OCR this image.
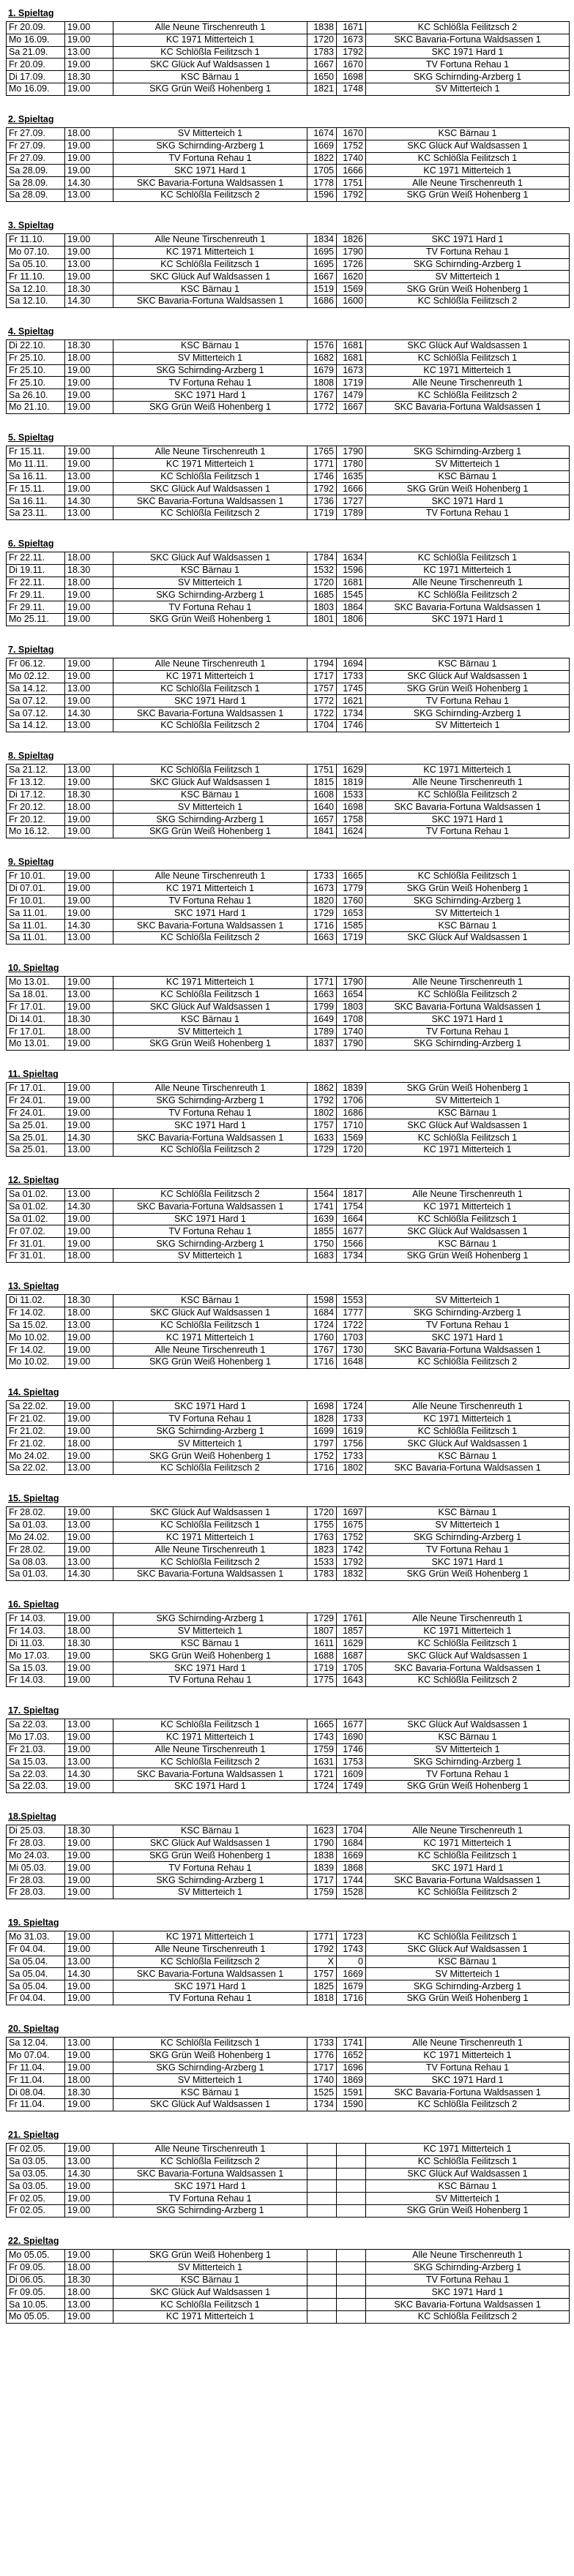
1. Spieltag
Fr 20.09.	19.00	Alle Neune Tirschenreuth 1	1838	1671	KC Schlößla Feilitzsch 2
Mo 16.09.	19.00	KC 1971 Mitterteich 1	1720	1673	SKC Bavaria-Fortuna Waldsassen 1
Sa 21.09.	13.00	KC Schlößla Feilitzsch 1	1783	1792	SKC 1971 Hard 1
Fr 20.09.	19.00	SKC Glück Auf Waldsassen 1	1667	1670	TV Fortuna Rehau 1
Di 17.09.	18.30	KSC Bärnau 1	1650	1698	SKG Schirnding-Arzberg 1
Mo 16.09.	19.00	SKG Grün Weiß Hohenberg 1	1821	1748	SV Mitterteich 1
2. Spieltag
Fr 27.09.	18.00	SV Mitterteich 1	1674	1670	KSC Bärnau 1
Fr 27.09.	19.00	SKG Schirnding-Arzberg 1	1669	1752	SKC Glück Auf Waldsassen 1
Fr 27.09.	19.00	TV Fortuna Rehau 1	1822	1740	KC Schlößla Feilitzsch 1
Sa 28.09.	19.00	SKC 1971 Hard 1	1705	1666	KC 1971 Mitterteich 1
Sa 28.09.	14.30	SKC Bavaria-Fortuna Waldsassen 1	1778	1751	Alle Neune Tirschenreuth 1
Sa 28.09.	13.00	KC Schlößla Feilitzsch 2	1596	1792	SKG Grün Weiß Hohenberg 1
3. Spieltag
Fr 11.10.	19.00	Alle Neune Tirschenreuth 1	1834	1826	SKC 1971 Hard 1
Mo 07.10.	19.00	KC 1971 Mitterteich 1	1695	1790	TV Fortuna Rehau 1
Sa 05.10.	13.00	KC Schlößla Feilitzsch 1	1695	1726	SKG Schirnding-Arzberg 1
Fr 11.10.	19.00	SKC Glück Auf Waldsassen 1	1667	1620	SV Mitterteich 1
Sa 12.10.	18.30	KSC Bärnau 1	1519	1569	SKG Grün Weiß Hohenberg 1
Sa 12.10.	14.30	SKC Bavaria-Fortuna Waldsassen 1	1686	1600	KC Schlößla Feilitzsch 2
4. Spieltag
Di 22.10.	18.30	KSC Bärnau 1	1576	1681	SKC Glück Auf Waldsassen 1
Fr 25.10.	18.00	SV Mitterteich 1	1682	1681	KC Schlößla Feilitzsch 1
Fr 25.10.	19.00	SKG Schirnding-Arzberg 1	1679	1673	KC 1971 Mitterteich 1
Fr 25.10.	19.00	TV Fortuna Rehau 1	1808	1719	Alle Neune Tirschenreuth 1
Sa 26.10.	19.00	SKC 1971 Hard 1	1767	1479	KC Schlößla Feilitzsch 2
Mo 21.10.	19.00	SKG Grün Weiß Hohenberg 1	1772	1667	SKC Bavaria-Fortuna Waldsassen 1
5. Spieltag
Fr 15.11.	19.00	Alle Neune Tirschenreuth 1	1765	1790	SKG Schirnding-Arzberg 1
Mo 11.11.	19.00	KC 1971 Mitterteich 1	1771	1780	SV Mitterteich 1
Sa 16.11.	13.00	KC Schlößla Feilitzsch 1	1746	1635	KSC Bärnau 1
Fr 15.11.	19.00	SKC Glück Auf Waldsassen 1	1792	1666	SKG Grün Weiß Hohenberg 1
Sa 16.11.	14.30	SKC Bavaria-Fortuna Waldsassen 1	1736	1727	SKC 1971 Hard 1
Sa 23.11.	13.00	KC Schlößla Feilitzsch 2	1719	1789	TV Fortuna Rehau 1
6. Spieltag
Fr 22.11.	18.00	SKC Glück Auf Waldsassen 1	1784	1634	KC Schlößla Feilitzsch 1
Di 19.11.	18.30	KSC Bärnau 1	1532	1596	KC 1971 Mitterteich 1
Fr 22.11.	18.00	SV Mitterteich 1	1720	1681	Alle Neune Tirschenreuth 1
Fr 29.11.	19.00	SKG Schirnding-Arzberg 1	1685	1545	KC Schlößla Feilitzsch 2
Fr 29.11.	19.00	TV Fortuna Rehau 1	1803	1864	SKC Bavaria-Fortuna Waldsassen 1
Mo 25.11.	19.00	SKG Grün Weiß Hohenberg 1	1801	1806	SKC 1971 Hard 1
7. Spieltag
Fr 06.12.	19.00	Alle Neune Tirschenreuth 1	1794	1694	KSC Bärnau 1
Mo 02.12.	19.00	KC 1971 Mitterteich 1	1717	1733	SKC Glück Auf Waldsassen 1
Sa 14.12.	13.00	KC Schlößla Feilitzsch 1	1757	1745	SKG Grün Weiß Hohenberg 1
Sa 07.12.	19.00	SKC 1971 Hard 1	1772	1621	TV Fortuna Rehau 1
Sa 07.12.	14.30	SKC Bavaria-Fortuna Waldsassen 1	1722	1734	SKG Schirnding-Arzberg 1
Sa 14.12.	13.00	KC Schlößla Feilitzsch 2	1704	1746	SV Mitterteich 1
8. Spieltag
Sa 21.12.	13.00	KC Schlößla Feilitzsch 1	1751	1629	KC 1971 Mitterteich 1
Fr 13.12.	19.00	SKC Glück Auf Waldsassen 1	1815	1819	Alle Neune Tirschenreuth 1
Di 17.12.	18.30	KSC Bärnau 1	1608	1533	KC Schlößla Feilitzsch 2
Fr 20.12.	18.00	SV Mitterteich 1	1640	1698	SKC Bavaria-Fortuna Waldsassen 1
Fr 20.12.	19.00	SKG Schirnding-Arzberg 1	1657	1758	SKC 1971 Hard 1
Mo 16.12.	19.00	SKG Grün Weiß Hohenberg 1	1841	1624	TV Fortuna Rehau 1
9. Spieltag
Fr 10.01.	19.00	Alle Neune Tirschenreuth 1	1733	1665	KC Schlößla Feilitzsch 1
Di 07.01.	19.00	KC 1971 Mitterteich 1	1673	1779	SKG Grün Weiß Hohenberg 1
Fr 10.01.	19.00	TV Fortuna Rehau 1	1820	1760	SKG Schirnding-Arzberg 1
Sa 11.01.	19.00	SKC 1971 Hard 1	1729	1653	SV Mitterteich 1
Sa 11.01.	14.30	SKC Bavaria-Fortuna Waldsassen 1	1716	1585	KSC Bärnau 1
Sa 11.01.	13.00	KC Schlößla Feilitzsch 2	1663	1719	SKC Glück Auf Waldsassen 1
10. Spieltag
Mo 13.01.	19.00	KC 1971 Mitterteich 1	1771	1790	Alle Neune Tirschenreuth 1
Sa 18.01.	13.00	KC Schlößla Feilitzsch 1	1663	1654	KC Schlößla Feilitzsch 2
Fr 17.01.	19.00	SKC Glück Auf Waldsassen 1	1799	1803	SKC Bavaria-Fortuna Waldsassen 1
Di 14.01.	18.30	KSC Bärnau 1	1649	1708	SKC 1971 Hard 1
Fr 17.01.	18.00	SV Mitterteich 1	1789	1740	TV Fortuna Rehau 1
Mo 13.01.	19.00	SKG Grün Weiß Hohenberg 1	1837	1790	SKG Schirnding-Arzberg 1
11. Spieltag
Fr 17.01.	19.00	Alle Neune Tirschenreuth 1	1862	1839	SKG Grün Weiß Hohenberg 1
Fr 24.01.	19.00	SKG Schirnding-Arzberg 1	1792	1706	SV Mitterteich 1
Fr 24.01.	19.00	TV Fortuna Rehau 1	1802	1686	KSC Bärnau 1
Sa 25.01.	19.00	SKC 1971 Hard 1	1757	1710	SKC Glück Auf Waldsassen 1
Sa 25.01.	14.30	SKC Bavaria-Fortuna Waldsassen 1	1633	1569	KC Schlößla Feilitzsch 1
Sa 25.01.	13.00	KC Schlößla Feilitzsch 2	1729	1720	KC 1971 Mitterteich 1
12. Spieltag
Sa 01.02.	13.00	KC Schlößla Feilitzsch 2	1564	1817	Alle Neune Tirschenreuth 1
Sa 01.02.	14.30	SKC Bavaria-Fortuna Waldsassen 1	1741	1754	KC 1971 Mitterteich 1
Sa 01.02.	19.00	SKC 1971 Hard 1	1639	1664	KC Schlößla Feilitzsch 1
Fr 07.02.	19.00	TV Fortuna Rehau 1	1855	1677	SKC Glück Auf Waldsassen 1
Fr 31.01.	19.00	SKG Schirnding-Arzberg 1	1750	1566	KSC Bärnau 1
Fr 31.01.	18.00	SV Mitterteich 1	1683	1734	SKG Grün Weiß Hohenberg 1
13. Spieltag
Di 11.02.	18.30	KSC Bärnau 1	1598	1553	SV Mitterteich 1
Fr 14.02.	18.00	SKC Glück Auf Waldsassen 1	1684	1777	SKG Schirnding-Arzberg 1
Sa 15.02.	13.00	KC Schlößla Feilitzsch 1	1724	1722	TV Fortuna Rehau 1
Mo 10.02.	19.00	KC 1971 Mitterteich 1	1760	1703	SKC 1971 Hard 1
Fr 14.02.	19.00	Alle Neune Tirschenreuth 1	1767	1730	SKC Bavaria-Fortuna Waldsassen 1
Mo 10.02.	19.00	SKG Grün Weiß Hohenberg 1	1716	1648	KC Schlößla Feilitzsch 2
14. Spieltag
Sa 22.02.	19.00	SKC 1971 Hard 1	1698	1724	Alle Neune Tirschenreuth 1
Fr 21.02.	19.00	TV Fortuna Rehau 1	1828	1733	KC 1971 Mitterteich 1
Fr 21.02.	19.00	SKG Schirnding-Arzberg 1	1699	1619	KC Schlößla Feilitzsch 1
Fr 21.02.	18.00	SV Mitterteich 1	1797	1756	SKC Glück Auf Waldsassen 1
Mo 24.02.	19.00	SKG Grün Weiß Hohenberg 1	1752	1733	KSC Bärnau 1
Sa 22.02.	13.00	KC Schlößla Feilitzsch 2	1716	1802	SKC Bavaria-Fortuna Waldsassen 1
15. Spieltag
Fr 28.02.	19.00	SKC Glück Auf Waldsassen 1	1720	1697	KSC Bärnau 1
Sa 01.03.	13.00	KC Schlößla Feilitzsch 1	1755	1675	SV Mitterteich 1
Mo 24.02.	19.00	KC 1971 Mitterteich 1	1763	1752	SKG Schirnding-Arzberg 1
Fr 28.02.	19.00	Alle Neune Tirschenreuth 1	1823	1742	TV Fortuna Rehau 1
Sa 08.03.	13.00	KC Schlößla Feilitzsch 2	1533	1792	SKC 1971 Hard 1
Sa 01.03.	14.30	SKC Bavaria-Fortuna Waldsassen 1	1783	1832	SKG Grün Weiß Hohenberg 1
16. Spieltag
Fr 14.03.	19.00	SKG Schirnding-Arzberg 1	1729	1761	Alle Neune Tirschenreuth 1
Fr 14.03.	18.00	SV Mitterteich 1	1807	1857	KC 1971 Mitterteich 1
Di 11.03.	18.30	KSC Bärnau 1	1611	1629	KC Schlößla Feilitzsch 1
Mo 17.03.	19.00	SKG Grün Weiß Hohenberg 1	1688	1687	SKC Glück Auf Waldsassen 1
Sa 15.03.	19.00	SKC 1971 Hard 1	1719	1705	SKC Bavaria-Fortuna Waldsassen 1
Fr 14.03.	19.00	TV Fortuna Rehau 1	1775	1643	KC Schlößla Feilitzsch 2
17. Spieltag
Sa 22.03.	13.00	KC Schlößla Feilitzsch 1	1665	1677	SKC Glück Auf Waldsassen 1
Mo 17.03.	19.00	KC 1971 Mitterteich 1	1743	1690	KSC Bärnau 1
Fr 21.03.	19.00	Alle Neune Tirschenreuth 1	1759	1746	SV Mitterteich 1
Sa 15.03.	13.00	KC Schlößla Feilitzsch 2	1631	1753	SKG Schirnding-Arzberg 1
Sa 22.03.	14.30	SKC Bavaria-Fortuna Waldsassen 1	1721	1609	TV Fortuna Rehau 1
Sa 22.03.	19.00	SKC 1971 Hard 1	1724	1749	SKG Grün Weiß Hohenberg 1
18.Spieltag
Di 25.03.	18.30	KSC Bärnau 1	1623	1704	Alle Neune Tirschenreuth 1
Fr 28.03.	19.00	SKC Glück Auf Waldsassen 1	1790	1684	KC 1971 Mitterteich 1
Mo 24.03.	19.00	SKG Grün Weiß Hohenberg 1	1838	1669	KC Schlößla Feilitzsch 1
Mi 05.03.	19.00	TV Fortuna Rehau 1	1839	1868	SKC 1971 Hard 1
Fr 28.03.	19.00	SKG Schirnding-Arzberg 1	1717	1744	SKC Bavaria-Fortuna Waldsassen 1
Fr 28.03.	19.00	SV Mitterteich 1	1759	1528	KC Schlößla Feilitzsch 2
19. Spieltag
Mo 31.03.	19.00	KC 1971 Mitterteich 1	1771	1723	KC Schlößla Feilitzsch 1
Fr 04.04.	19.00	Alle Neune Tirschenreuth 1	1792	1743	SKC Glück Auf Waldsassen 1
Sa 05.04.	13.00	KC Schlößla Feilitzsch 2	X	0	KSC Bärnau 1
Sa 05.04.	14.30	SKC Bavaria-Fortuna Waldsassen 1	1757	1669	SV Mitterteich 1
Sa 05.04.	19.00	SKC 1971 Hard 1	1825	1679	SKG Schirnding-Arzberg 1
Fr 04.04.	19.00	TV Fortuna Rehau 1	1818	1716	SKG Grün Weiß Hohenberg 1
20. Spieltag
Sa 12.04.	13.00	KC Schlößla Feilitzsch 1	1733	1741	Alle Neune Tirschenreuth 1
Mo 07.04.	19.00	SKG Grün Weiß Hohenberg 1	1776	1652	KC 1971 Mitterteich 1
Fr 11.04.	19.00	SKG Schirnding-Arzberg 1	1717	1696	TV Fortuna Rehau 1
Fr 11.04.	18.00	SV Mitterteich 1	1740	1869	SKC 1971 Hard 1
Di 08.04.	18.30	KSC Bärnau 1	1525	1591	SKC Bavaria-Fortuna Waldsassen 1
Fr 11.04.	19.00	SKC Glück Auf Waldsassen 1	1734	1590	KC Schlößla Feilitzsch 2
21. Spieltag
Fr 02.05.	19.00	Alle Neune Tirschenreuth 1			KC 1971 Mitterteich 1
Sa 03.05.	13.00	KC Schlößla Feilitzsch 2			KC Schlößla Feilitzsch 1
Sa 03.05.	14.30	SKC Bavaria-Fortuna Waldsassen 1			SKC Glück Auf Waldsassen 1
Sa 03.05.	19.00	SKC 1971 Hard 1			KSC Bärnau 1
Fr 02.05.	19.00	TV Fortuna Rehau 1			SV Mitterteich 1
Fr 02.05.	19.00	SKG Schirnding-Arzberg 1			SKG Grün Weiß Hohenberg 1
22. Spieltag
Mo 05.05.	19.00	SKG Grün Weiß Hohenberg 1			Alle Neune Tirschenreuth 1
Fr 09.05.	18.00	SV Mitterteich 1			SKG Schirnding-Arzberg 1
Di 06.05.	18.30	KSC Bärnau 1			TV Fortuna Rehau 1
Fr 09.05.	18.00	SKC Glück Auf Waldsassen 1			SKC 1971 Hard 1
Sa 10.05.	13.00	KC Schlößla Feilitzsch 1			SKC Bavaria-Fortuna Waldsassen 1
Mo 05.05.	19.00	KC 1971 Mitterteich 1			KC Schlößla Feilitzsch 2
